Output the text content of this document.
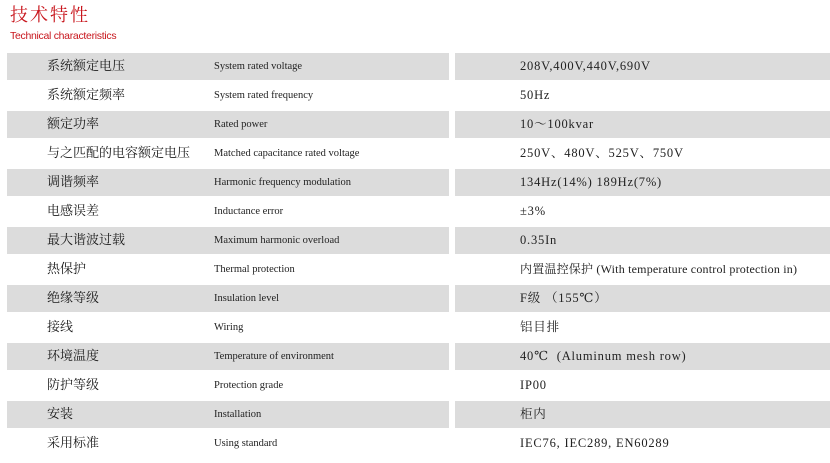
技术特性
Technical characteristics
系统额定电压	System rated voltage	208V,400V,440V,690V
系统额定频率	System rated frequency	50Hz
额定功率	Rated power	10～100kvar
与之匹配的电容额定电压 Matched capacitance rated voltage	250V、480V、525V、750V
调谐频率	Harmonic frequency modulation	134Hz(14%) 189Hz(7%)
电感误差	Inductance error	±3%
最大谐波过载	Maximum harmonic overload	0.35In
热保护	Thermal protection	内置温控保护 (With temperature control protection in)
绝缘等级	Insulation level	F级 （155℃）
接线	Wiring	铝目排
环境温度	Temperature of environment	40℃  (Aluminum mesh row)
防护等级	Protection grade	IP00
安装	Installation	柜内
采用标准	Using standard	IEC76, IEC289, EN60289
